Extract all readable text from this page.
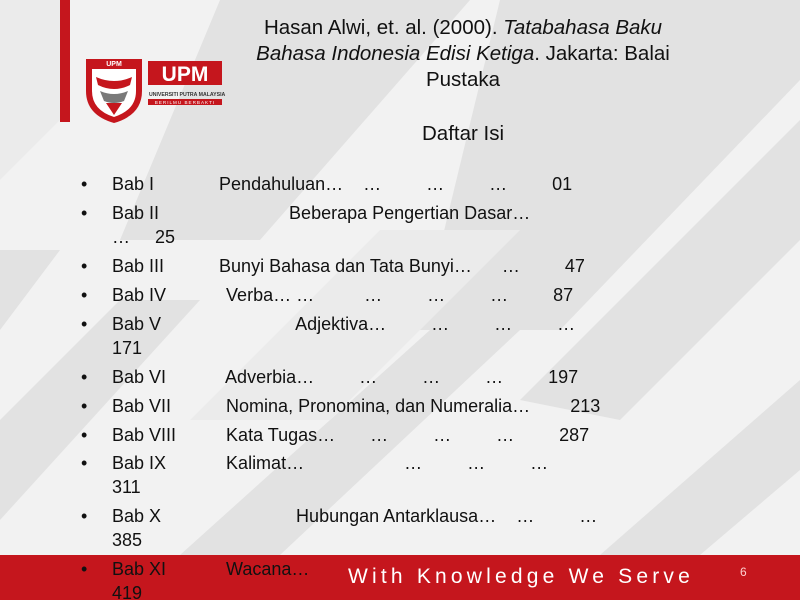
UPM UPM
UNIVERSITI PUTRA MALAYSIA
BERILMU BERBAKTI
Hasan Alwi, et. al. (2000). Tatabahasa Baku Bahasa Indonesia Edisi Ketiga. Jakarta: Balai Pustaka
Daftar Isi
• Bab I             Pendahuluan…    …         …         …         01
• Bab II                          Beberapa Pengertian Dasar…
…     25
• Bab III           Bunyi Bahasa dan Tata Bunyi…      …         47
• Bab IV            Verba… …          …         …         …         87
• Bab V                           Adjektiva…         …         …         …
171
• Bab VI            Adverbia…         …         …         …         197
• Bab VII           Nomina, Pronomina, dan Numeralia…        213
• Bab VIII          Kata Tugas…       …         …         …         287
• Bab IX            Kalimat…                    …         …         …
311
• Bab X                           Hubungan Antarklausa…    …         …
385
• Bab XI            Wacana…
419
With Knowledge We Serve	6
